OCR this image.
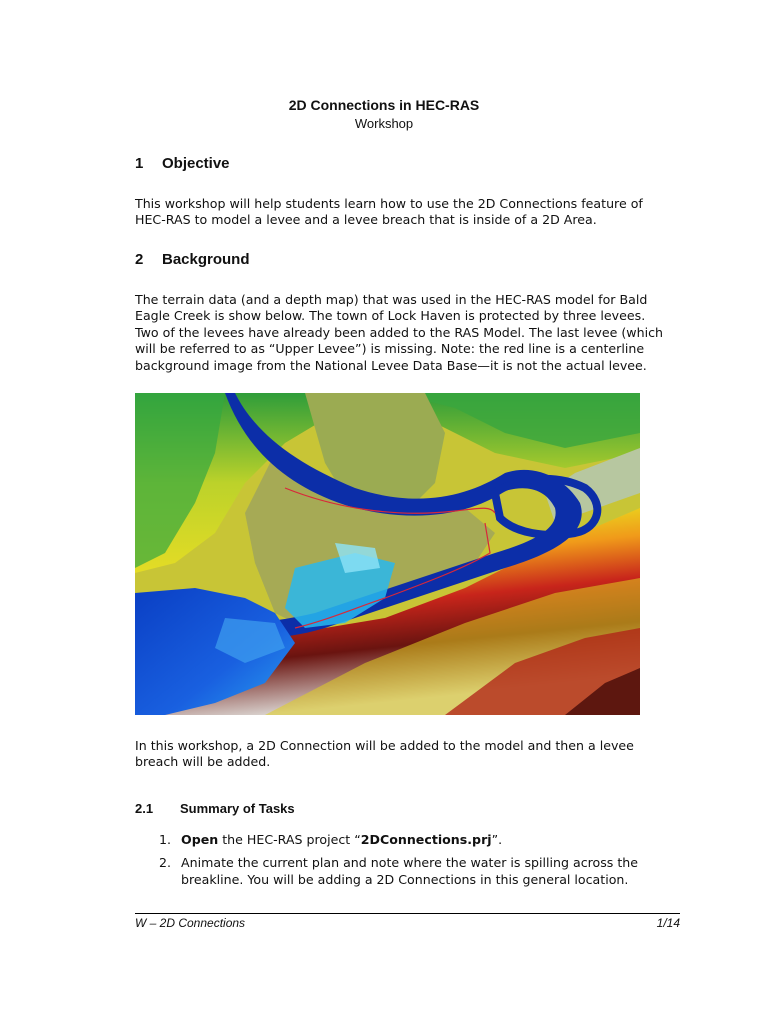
2D Connections in HEC-RAS
Workshop
1 Objective
This workshop will help students learn how to use the 2D Connections feature of
HEC-RAS to model a levee and a levee breach that is inside of a 2D Area.
2 Background
The terrain data (and a depth map) that was used in the HEC-RAS model for Bald
Eagle Creek is show below. The town of Lock Haven is protected by three levees.
Two of the levees have already been added to the RAS Model. The last levee (which
will be referred to as “Upper Levee”) is missing. Note: the red line is a centerline
background image from the National Levee Data Base—it is not the actual levee.
In this workshop, a 2D Connection will be added to the model and then a levee
breach will be added.
2.1 Summary of Tasks
1. Open the HEC-RAS project “2DConnections.prj”.
2. Animate the current plan and note where the water is spilling across the breakline. You will be adding a 2D Connections in this general location.
W – 2D Connections	1/14
